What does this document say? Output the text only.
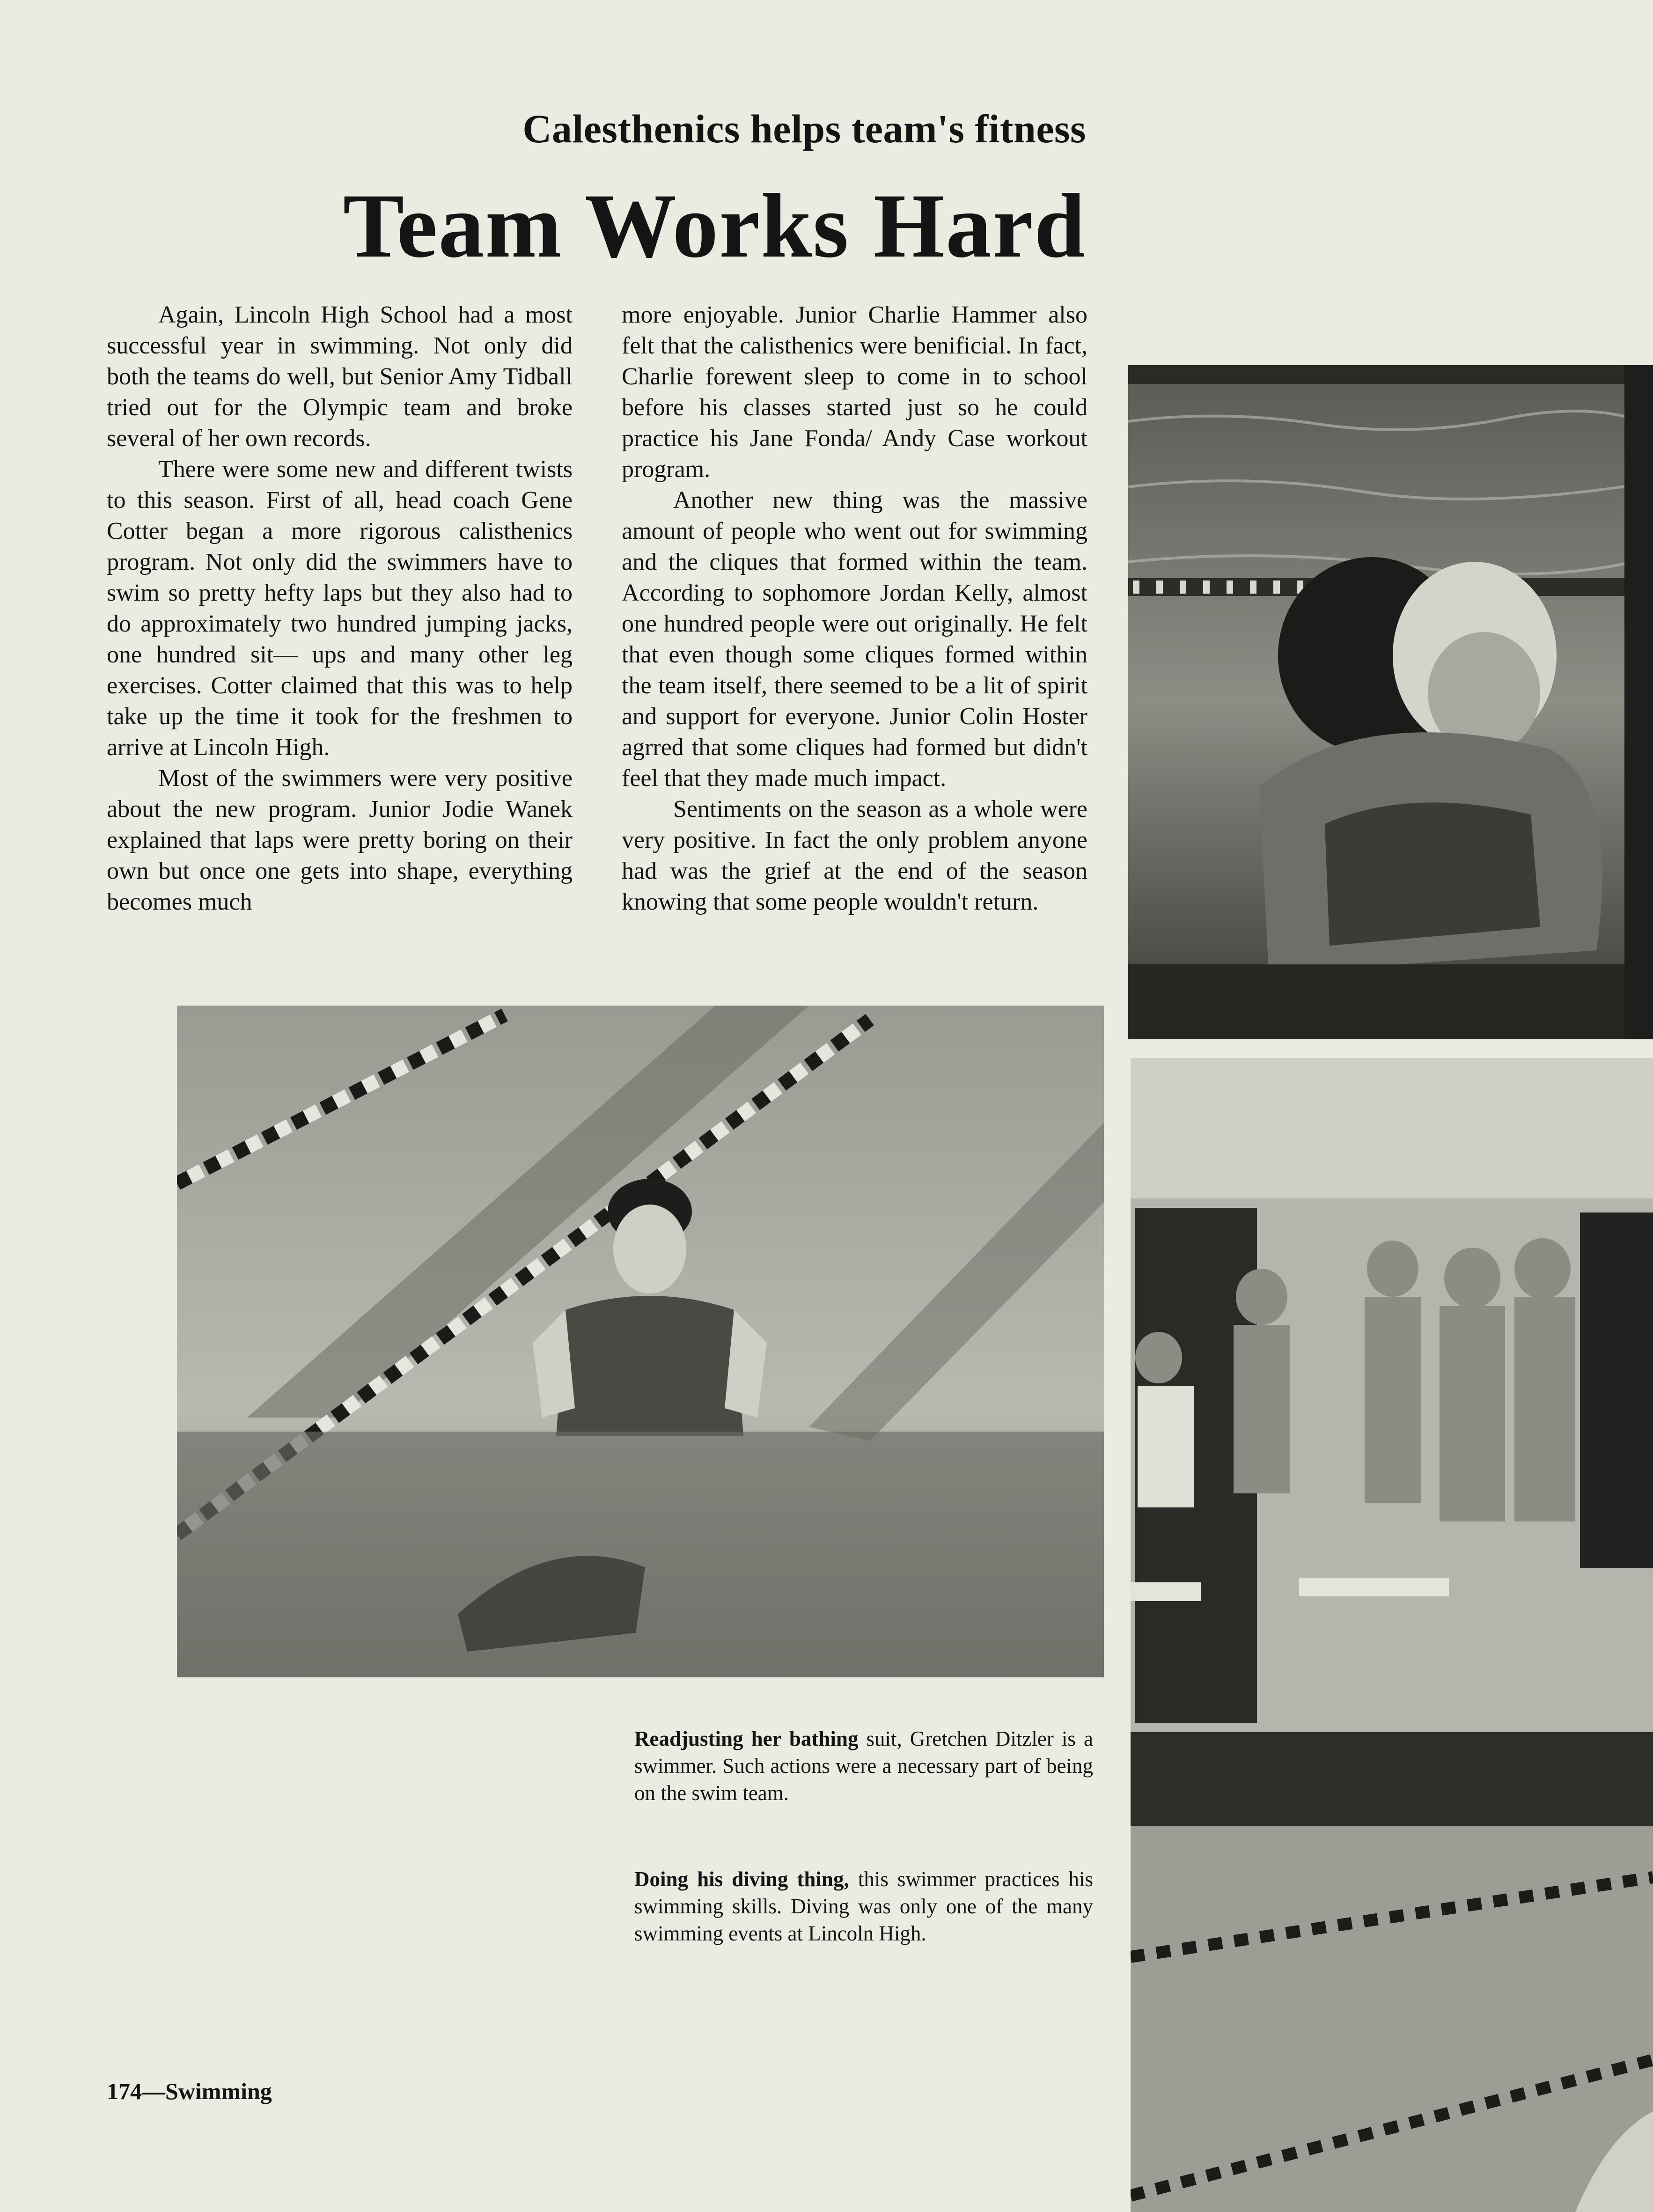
Calesthenics helps team's fitness
Team Works Hard

Again, Lincoln High School had a most successful year in swimming. Not only did both the teams do well, but Senior Amy Tidball tried out for the Olympic team and broke several of her own records.

There were some new and different twists to this season. First of all, head coach Gene Cotter began a more rigorous calisthenics program. Not only did the swimmers have to swim so pretty hefty laps but they also had to do approximately two hundred jumping jacks, one hundred sit— ups and many other leg exercises. Cotter claimed that this was to help take up the time it took for the freshmen to arrive at Lincoln High.

Most of the swimmers were very positive about the new program. Junior Jodie Wanek explained that laps were pretty boring on their own but once one gets into shape, everything becomes much

more enjoyable. Junior Charlie Hammer also felt that the calisthenics were benificial. In fact, Charlie forewent sleep to come in to school before his classes started just so he could practice his Jane Fonda/ Andy Case workout program.

Another new thing was the massive amount of people who went out for swimming and the cliques that formed within the team. According to sophomore Jordan Kelly, almost one hundred people were out originally. He felt that even though some cliques formed within the team itself, there seemed to be a lit of spirit and support for everyone. Junior Colin Hoster agrred that some cliques had formed but didn't feel that they made much impact.

Sentiments on the season as a whole were very positive. In fact the only problem anyone had was the grief at the end of the season knowing that some people wouldn't return.

Readjusting her bathing suit, Gretchen Ditzler is a swimmer. Such actions were a necessary part of being on the swim team.
Doing his diving thing, this swimmer practices his swimming skills. Diving was only one of the many swimming events at Lincoln High.
174—Swimming
